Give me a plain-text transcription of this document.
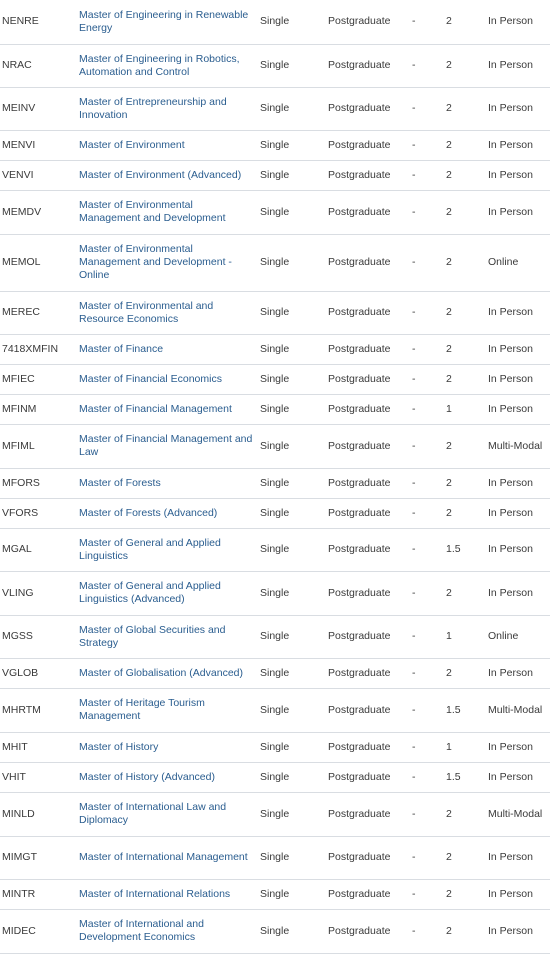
NENRE	Master of Engineering in Renewable Energy	Single	Postgraduate	-	2	In Person
NRAC	Master of Engineering in Robotics, Automation and Control	Single	Postgraduate	-	2	In Person
MEINV	Master of Entrepreneurship and Innovation	Single	Postgraduate	-	2	In Person
MENVI	Master of Environment	Single	Postgraduate	-	2	In Person
VENVI	Master of Environment (Advanced)	Single	Postgraduate	-	2	In Person
MEMDV	Master of Environmental Management and Development	Single	Postgraduate	-	2	In Person
MEMOL	Master of Environmental Management and Development - Online	Single	Postgraduate	-	2	Online
MEREC	Master of Environmental and Resource Economics	Single	Postgraduate	-	2	In Person
7418XMFIN	Master of Finance	Single	Postgraduate	-	2	In Person
MFIEC	Master of Financial Economics	Single	Postgraduate	-	2	In Person
MFINM	Master of Financial Management	Single	Postgraduate	-	1	In Person
MFIML	Master of Financial Management and Law	Single	Postgraduate	-	2	Multi-Modal
MFORS	Master of Forests	Single	Postgraduate	-	2	In Person
VFORS	Master of Forests (Advanced)	Single	Postgraduate	-	2	In Person
MGAL	Master of General and Applied Linguistics	Single	Postgraduate	-	1.5	In Person
VLING	Master of General and Applied Linguistics (Advanced)	Single	Postgraduate	-	2	In Person
MGSS	Master of Global Securities and Strategy	Single	Postgraduate	-	1	Online
VGLOB	Master of Globalisation (Advanced)	Single	Postgraduate	-	2	In Person
MHRTM	Master of Heritage Tourism Management	Single	Postgraduate	-	1.5	Multi-Modal
MHIT	Master of History	Single	Postgraduate	-	1	In Person
VHIT	Master of History (Advanced)	Single	Postgraduate	-	1.5	In Person
MINLD	Master of International Law and Diplomacy	Single	Postgraduate	-	2	Multi-Modal
MIMGT	Master of International Management	Single	Postgraduate	-	2	In Person
MINTR	Master of International Relations	Single	Postgraduate	-	2	In Person
MIDEC	Master of International and Development Economics	Single	Postgraduate	-	2	In Person
